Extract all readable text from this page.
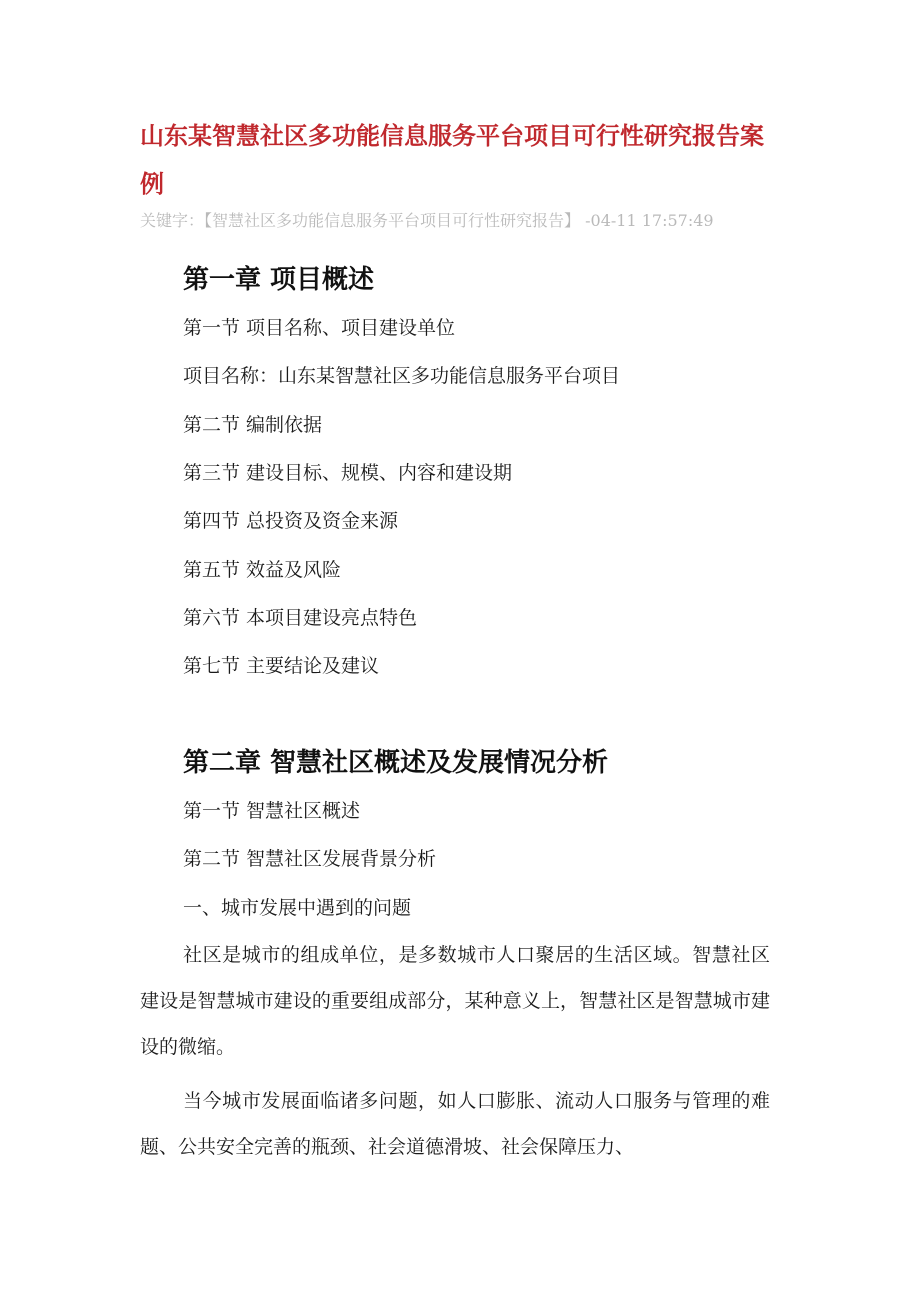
山东某智慧社区多功能信息服务平台项目可行性研究报告案例
关键字：【智慧社区多功能信息服务平台项目可行性研究报告】 -04-11 17:57:49
第一章 项目概述
第一节 项目名称、项目建设单位
项目名称：山东某智慧社区多功能信息服务平台项目
第二节 编制依据
第三节 建设目标、规模、内容和建设期
第四节 总投资及资金来源
第五节 效益及风险
第六节 本项目建设亮点特色
第七节 主要结论及建议
第二章 智慧社区概述及发展情况分析
第一节 智慧社区概述
第二节 智慧社区发展背景分析
一、城市发展中遇到的问题

社区是城市的组成单位，是多数城市人口聚居的生活区域。智慧社区建设是智慧城市建设的重要组成部分，某种意义上，智慧社区是智慧城市建设的微缩。

当今城市发展面临诸多问题，如人口膨胀、流动人口服务与管理的难题、公共安全完善的瓶颈、社会道德滑坡、社会保障压力、
